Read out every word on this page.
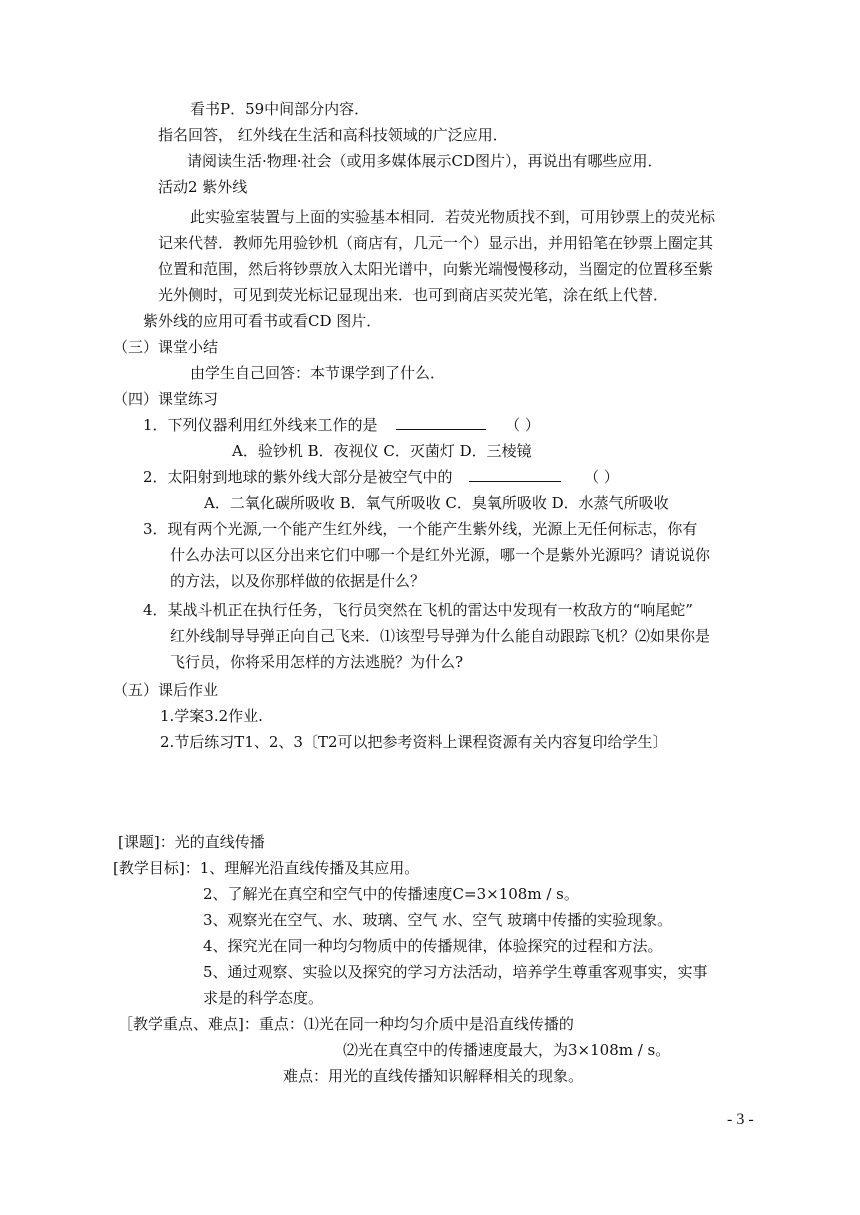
看书P．59中间部分内容．
指名回答， 红外线在生活和高科技领域的广泛应用．
请阅读生活·物理·社会（或用多媒体展示CD图片），再说出有哪些应用．
活动2 紫外线
此实验室装置与上面的实验基本相同．若荧光物质找不到，可用钞票上的荧光标
记来代替．教师先用验钞机（商店有，几元一个）显示出，并用铅笔在钞票上圈定其
位置和范围，然后将钞票放入太阳光谱中，向紫光端慢慢移动，当圈定的位置移至紫
光外侧时，可见到荧光标记显现出来．也可到商店买荧光笔，涂在纸上代替．
紫外线的应用可看书或看CD 图片．
（三）课堂小结
由学生自己回答：本节课学到了什么．
（四）课堂练习
1．下列仪器利用红外线来工作的是	（ ）
A．验钞机 B．夜视仪 C．灭菌灯 D．三棱镜
2．太阳射到地球的紫外线大部分是被空气中的	（ ）
A．二氧化碳所吸收 B．氧气所吸收 C．臭氧所吸收 D．水蒸气所吸收
3．现有两个光源,一个能产生红外线，一个能产生紫外线，光源上无任何标志，你有
什么办法可以区分出来它们中哪一个是红外光源，哪一个是紫外光源吗？请说说你
的方法，以及你那样做的依据是什么？
4．某战斗机正在执行任务，飞行员突然在飞机的雷达中发现有一枚敌方的“响尾蛇”
红外线制导导弹正向自己飞来．⑴该型号导弹为什么能自动跟踪飞机？⑵如果你是
飞行员，你将采用怎样的方法逃脱？为什么?
（五）课后作业
1.学案3.2作业.
2.节后练习T1、2、3〔T2可以把参考资料上课程资源有关内容复印给学生〕
[课题]：光的直线传播
[教学目标]：1、理解光沿直线传播及其应用。
2、了解光在真空和空气中的传播速度C=3×108m / s。
3、观察光在空气、水、玻璃、空气 水、空气 玻璃中传播的实验现象。
4、探究光在同一种均匀物质中的传播规律，体验探究的过程和方法。
5、通过观察、实验以及探究的学习方法活动，培养学生尊重客观事实，实事
求是的科学态度。
［教学重点、难点]：重点：⑴光在同一种均匀介质中是沿直线传播的
⑵光在真空中的传播速度最大，为3×108m / s。
难点：用光的直线传播知识解释相关的现象。
- 3 -
